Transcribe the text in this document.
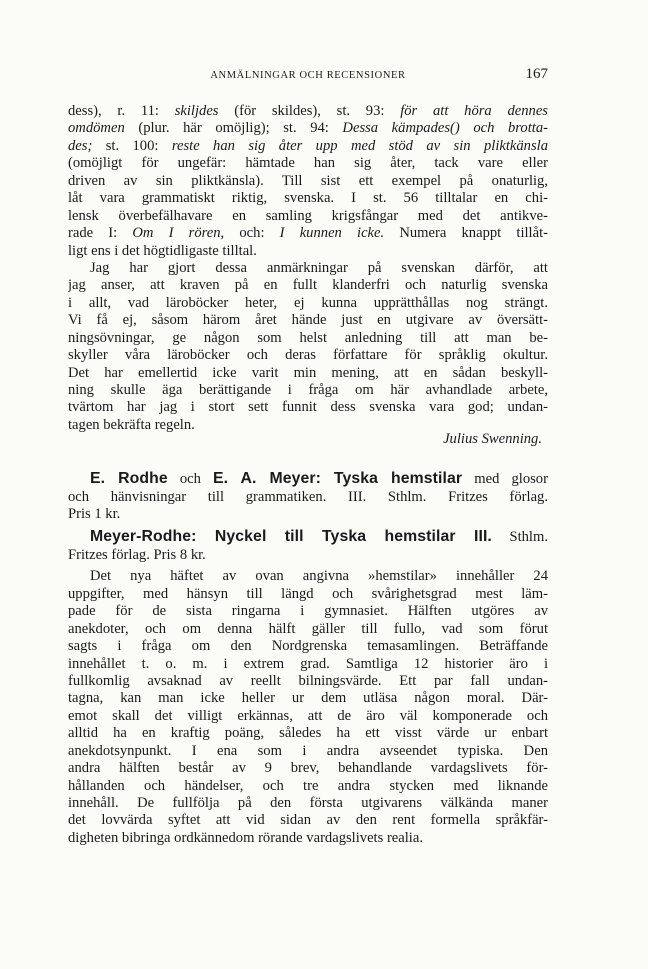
ANMÄLNINGAR OCH RECENSIONER	167
dess), r. 11: skiljdes (för skildes), st. 93: för att höra dennes
omdömen (plur. här omöjlig); st. 94: Dessa kämpades() och brotta-
des; st. 100: reste han sig åter upp med stöd av sin pliktkänsla
(omöjligt för ungefär: hämtade han sig åter, tack vare eller
driven av sin pliktkänsla). Till sist ett exempel på onaturlig,
låt vara grammatiskt riktig, svenska. I st. 56 tilltalar en chi-
lensk överbefälhavare en samling krigsfångar med det antikve-
rade I: Om I rören, och: I kunnen icke. Numera knappt tillåt-
ligt ens i det högtidligaste tilltal.
Jag har gjort dessa anmärkningar på svenskan därför, att
jag anser, att kraven på en fullt klanderfri och naturlig svenska
i allt, vad läroböcker heter, ej kunna upprätthållas nog strängt.
Vi få ej, såsom härom året hände just en utgivare av översätt-
ningsövningar, ge någon som helst anledning till att man be-
skyller våra läroböcker och deras författare för språklig okultur.
Det har emellertid icke varit min mening, att en sådan beskyll-
ning skulle äga berättigande i fråga om här avhandlade arbete,
tvärtom har jag i stort sett funnit dess svenska vara god; undan-
tagen bekräfta regeln.
Julius Swenning.
E. Rodhe och E. A. Meyer: Tyska hemstilar med glosor
och hänvisningar till grammatiken. III. Sthlm. Fritzes förlag.
Pris 1 kr.
Meyer-Rodhe: Nyckel till Tyska hemstilar III. Sthlm.
Fritzes förlag. Pris 8 kr.
Det nya häftet av ovan angivna »hemstilar» innehåller 24
uppgifter, med hänsyn till längd och svårighetsgrad mest läm-
pade för de sista ringarna i gymnasiet. Hälften utgöres av
anekdoter, och om denna hälft gäller till fullo, vad som förut
sagts i fråga om den Nordgrenska temasamlingen. Beträffande
innehållet t. o. m. i extrem grad. Samtliga 12 historier äro i
fullkomlig avsaknad av reellt bilningsvärde. Ett par fall undan-
tagna, kan man icke heller ur dem utläsa någon moral. Där-
emot skall det villigt erkännas, att de äro väl komponerade och
alltid ha en kraftig poäng, således ha ett visst värde ur enbart
anekdotsynpunkt. I ena som i andra avseendet typiska. Den
andra hälften består av 9 brev, behandlande vardagslivets för-
hållanden och händelser, och tre andra stycken med liknande
innehåll. De fullfölja på den första utgivarens välkända maner
det lovvärda syftet att vid sidan av den rent formella språkfär-
digheten bibringa ordkännedom rörande vardagslivets realia.
